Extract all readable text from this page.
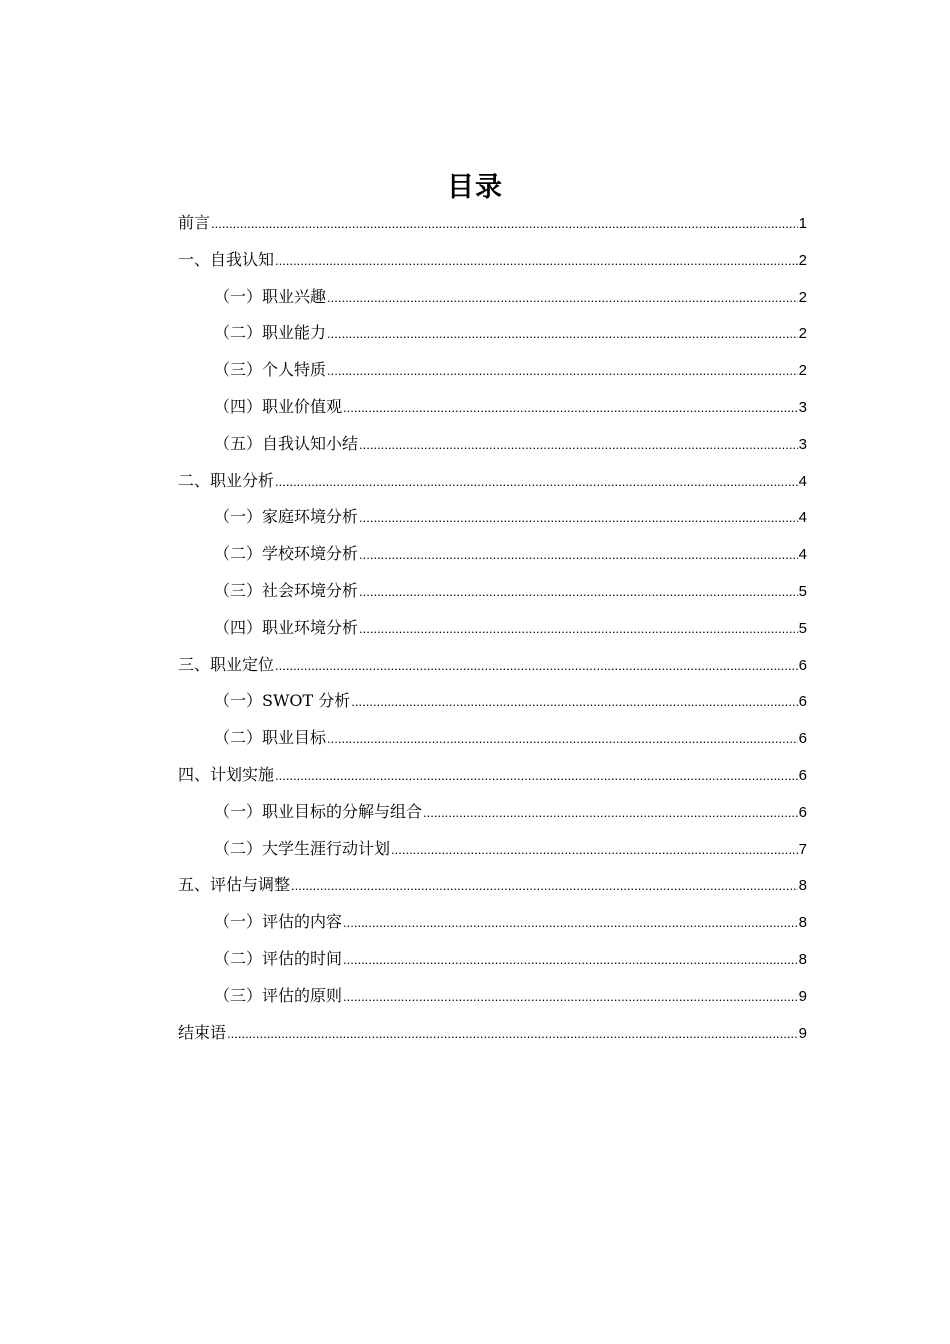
目录
前言 .....	1
一、自我认知 .....	2
（一）职业兴趣 .....	2
（二）职业能力 .....	2
（三）个人特质 .....	2
（四）职业价值观 .....	3
（五）自我认知小结 .....	3
二、职业分析 .....	4
（一）家庭环境分析 .....	4
（二）学校环境分析 .....	4
（三）社会环境分析 .....	5
（四）职业环境分析 .....	5
三、职业定位 .....	6
（一）SWOT 分析 .....	6
（二）职业目标 .....	6
四、计划实施 .....	6
（一）职业目标的分解与组合 .....	6
（二）大学生涯行动计划 .....	7
五、评估与调整 .....	8
（一）评估的内容 .....	8
（二）评估的时间 .....	8
（三）评估的原则 .....	9
结束语 .....	9
